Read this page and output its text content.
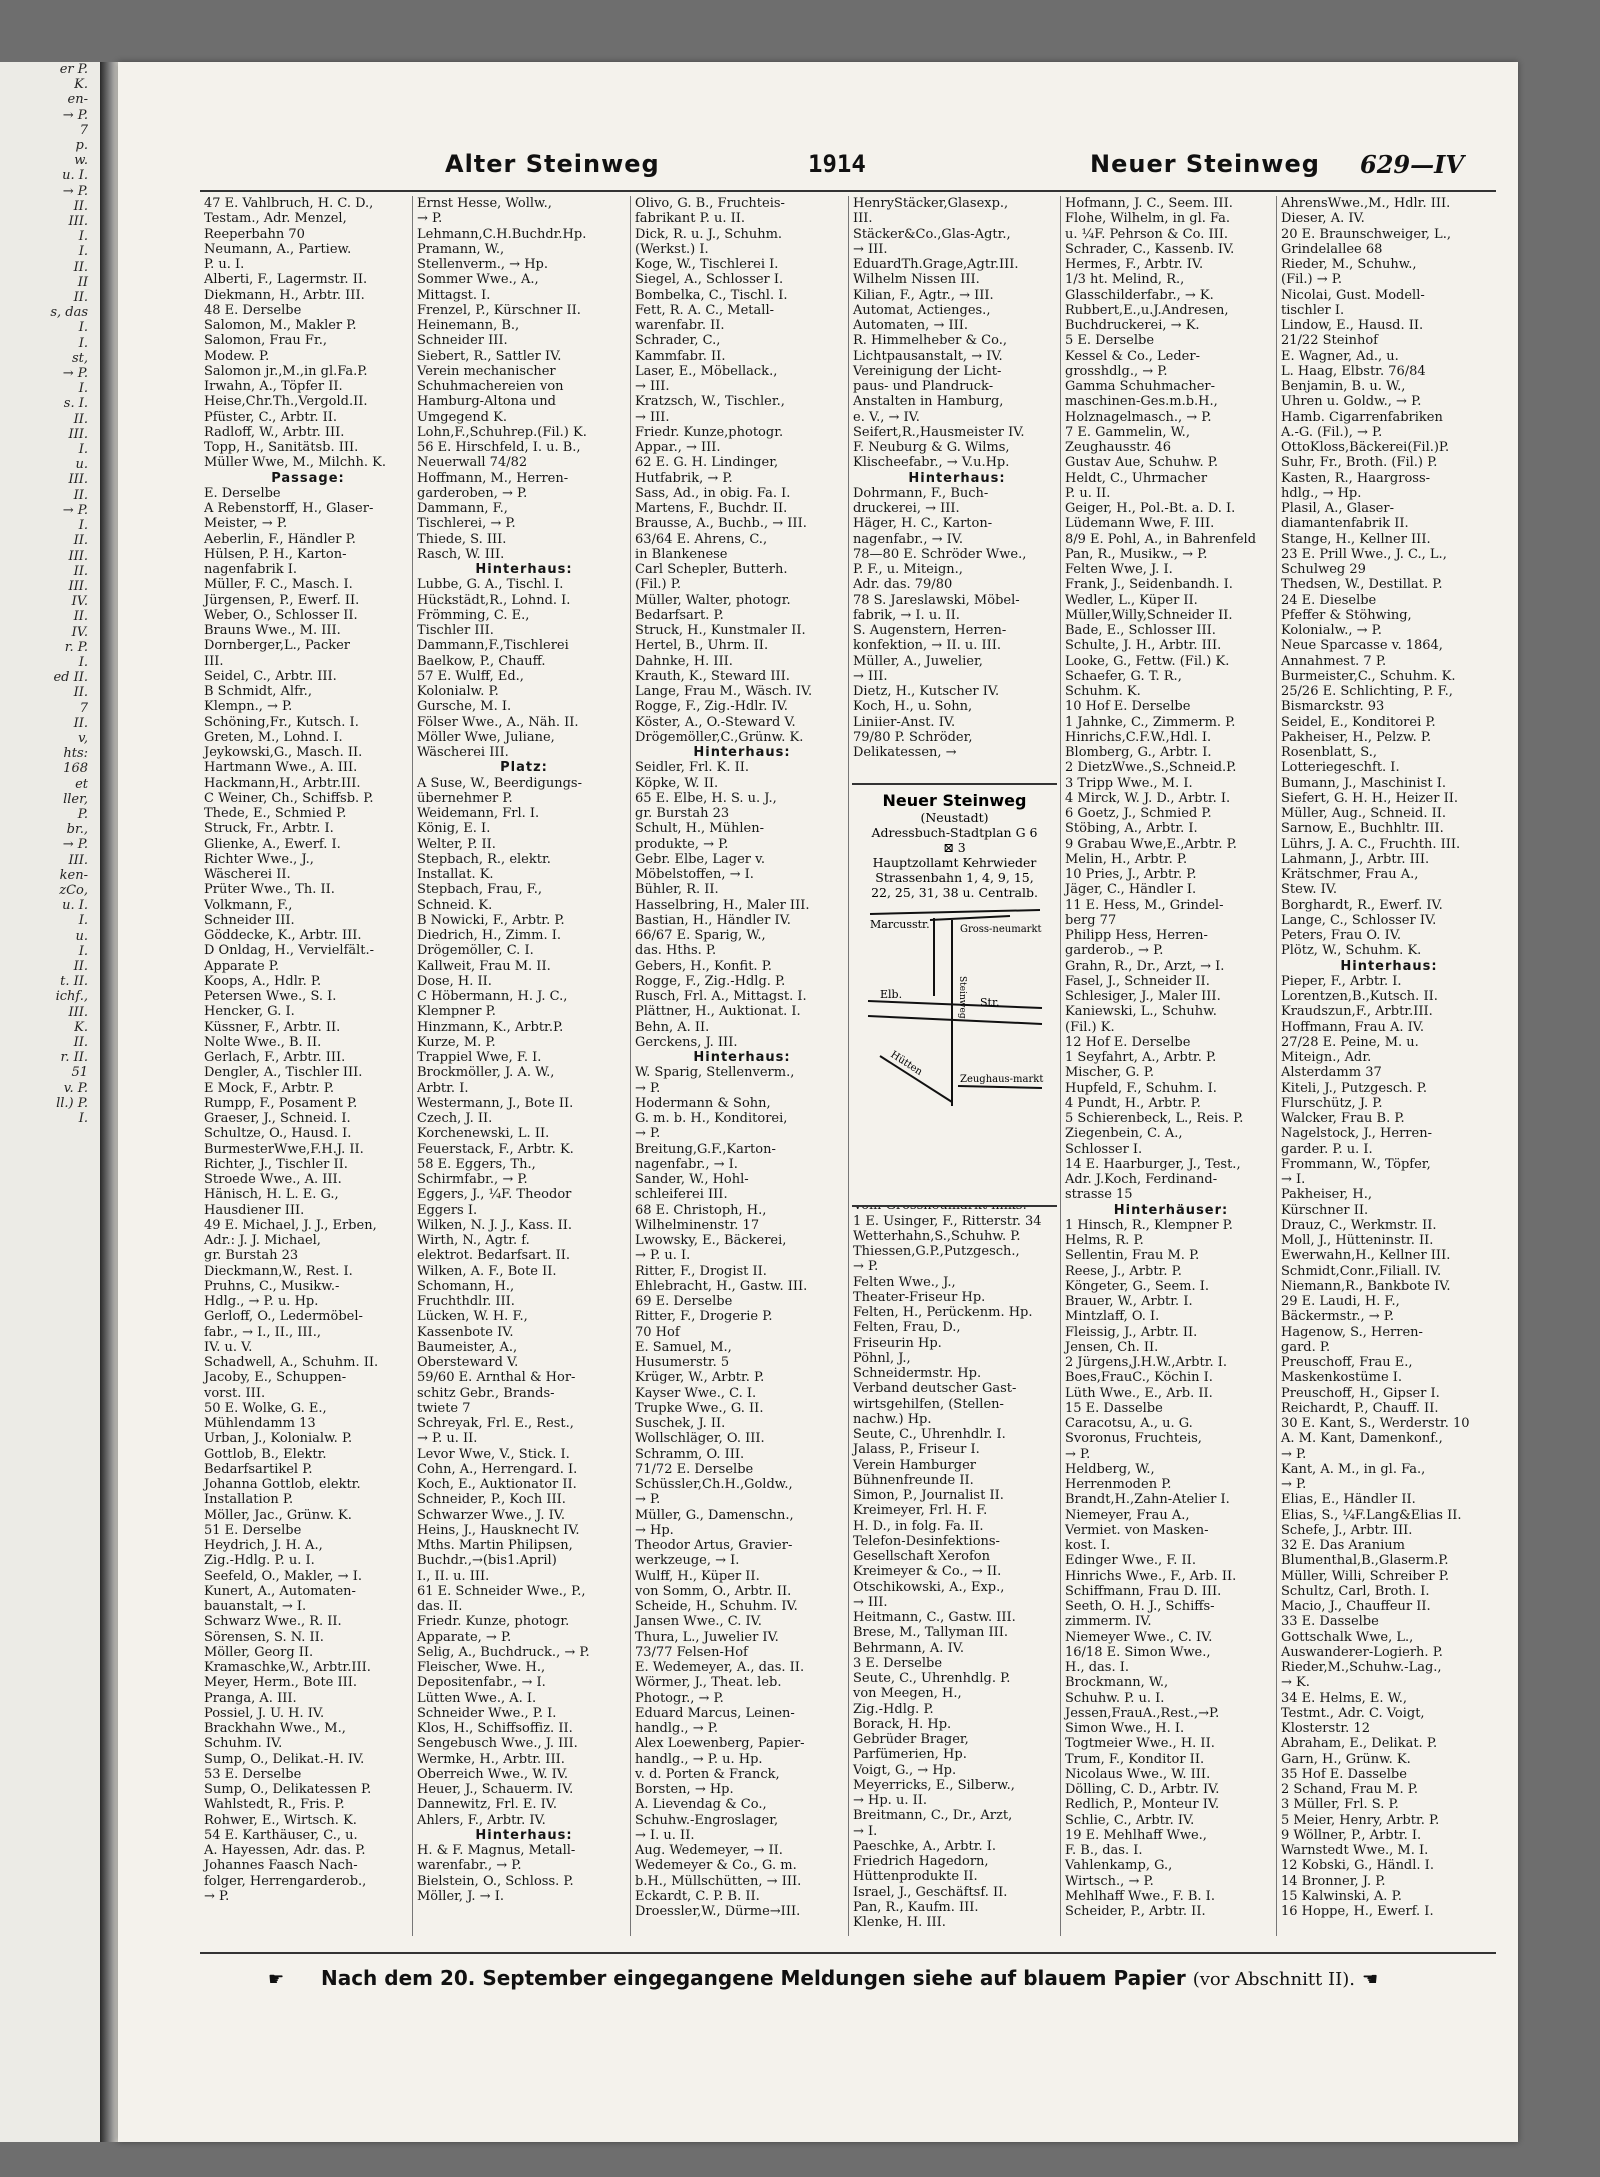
er P.
K.
en-
→ P.
7
p.
w.
u. I.
→ P.
II.
III.
I.
I.
II.
II
II.
s, das
I.
I.
st,
→ P.
I.
s. I.
II.
III.
I.
u.
III.
II.
→ P.
I.
II.
III.
II.
III.
IV.
II.
IV.
r. P.
I.
ed II.
II.
7
II.
v,
hts:
168
et
ller,
P.
br.,
→ P.
III.
ken-
zCo,
u. I.
I.
u.
I.
II.
t. II.
ichf.,
III.
K.
II.
r. II.
51
v. P.
ll.) P.
I.
Alter Steinweg	1914	Neuer Steinweg 629—IV
47 E. Vahlbruch, H. C. D.,
Testam., Adr. Menzel,
Reeperbahn 70
Neumann, A., Partiew.
P. u. I.
Alberti, F., Lagermstr. II.
Diekmann, H., Arbtr. III.
48 E. Derselbe
Salomon, M., Makler P.
Salomon, Frau Fr.,
Modew. P.
Salomon jr.,M.,in gl.Fa.P.
Irwahn, A., Töpfer II.
Heise,Chr.Th.,Vergold.II.
Pfüster, C., Arbtr. II.
Radloff, W., Arbtr. III.
Topp, H., Sanitätsb. III.
Müller Wwe, M., Milchh. K.
Passage:
E. Derselbe
A Rebenstorff, H., Glaser-
Meister, → P.
Aeberlin, F., Händler P.
Hülsen, P. H., Karton-
nagenfabrik I.
Müller, F. C., Masch. I.
Jürgensen, P., Ewerf. II.
Weber, O., Schlosser II.
Brauns Wwe., M. III.
Dornberger,L., Packer
III.
Seidel, C., Arbtr. III.
B Schmidt, Alfr.,
Klempn., → P.
Schöning,Fr., Kutsch. I.
Greten, M., Lohnd. I.
Jeykowski,G., Masch. II.
Hartmann Wwe., A. III.
Hackmann,H., Arbtr.III.
C Weiner, Ch., Schiffsb. P.
Thede, E., Schmied P.
Struck, Fr., Arbtr. I.
Glienke, A., Ewerf. I.
Richter Wwe., J.,
Wäscherei II.
Prüter Wwe., Th. II.
Volkmann, F.,
Schneider III.
Göddecke, K., Arbtr. III.
D Onldag, H., Vervielfält.-
Apparate P.
Koops, A., Hdlr. P.
Petersen Wwe., S. I.
Hencker, G. I.
Küssner, F., Arbtr. II.
Nolte Wwe., B. II.
Gerlach, F., Arbtr. III.
Dengler, A., Tischler III.
E Mock, F., Arbtr. P.
Rumpp, F., Posament P.
Graeser, J., Schneid. I.
Schultze, O., Hausd. I.
BurmesterWwe,F.H.J. II.
Richter, J., Tischler II.
Stroede Wwe., A. III.
Hänisch, H. L. E. G.,
Hausdiener III.
49 E. Michael, J. J., Erben,
Adr.: J. J. Michael,
gr. Burstah 23
Dieckmann,W., Rest. I.
Pruhns, C., Musikw.-
Hdlg., → P. u. Hp.
Gerloff, O., Ledermöbel-
fabr., → I., II., III.,
IV. u. V.
Schadwell, A., Schuhm. II.
Jacoby, E., Schuppen-
vorst. III.
50 E. Wolke, G. E.,
Mühlendamm 13
Urban, J., Kolonialw. P.
Gottlob, B., Elektr.
Bedarfsartikel P.
Johanna Gottlob, elektr.
Installation P.
Möller, Jac., Grünw. K.
51 E. Derselbe
Heydrich, J. H. A.,
Zig.-Hdlg. P. u. I.
Seefeld, O., Makler, → I.
Kunert, A., Automaten-
bauanstalt, → I.
Schwarz Wwe., R. II.
Sörensen, S. N. II.
Möller, Georg II.
Kramaschke,W., Arbtr.III.
Meyer, Herm., Bote III.
Pranga, A. III.
Possiel, J. U. H. IV.
Brackhahn Wwe., M.,
Schuhm. IV.
Sump, O., Delikat.-H. IV.
53 E. Derselbe
Sump, O., Delikatessen P.
Wahlstedt, R., Fris. P.
Rohwer, E., Wirtsch. K.
54 E. Karthäuser, C., u.
A. Hayessen, Adr. das. P.
Johannes Faasch Nach-
folger, Herrengarderob.,
→ P.
Ernst Hesse, Wollw.,
→ P.
Lehmann,C.H.Buchdr.Hp.
Pramann, W.,
Stellenverm., → Hp.
Sommer Wwe., A.,
Mittagst. I.
Frenzel, P., Kürschner II.
Heinemann, B.,
Schneider III.
Siebert, R., Sattler IV.
Verein mechanischer
Schuhmachereien von
Hamburg-Altona und
Umgegend K.
Lohn,F.,Schuhrep.(Fil.) K.
56 E. Hirschfeld, I. u. B.,
Neuerwall 74/82
Hoffmann, M., Herren-
garderoben, → P.
Dammann, F.,
Tischlerei, → P.
Thiede, S. III.
Rasch, W. III.
Hinterhaus:
Lubbe, G. A., Tischl. I.
Hückstädt,R., Lohnd. I.
Frömming, C. E.,
Tischler III.
Dammann,F.,Tischlerei
Baelkow, P., Chauff.
57 E. Wulff, Ed.,
Kolonialw. P.
Gursche, M. I.
Fölser Wwe., A., Näh. II.
Möller Wwe, Juliane,
Wäscherei III.
Platz:
A Suse, W., Beerdigungs-
übernehmer P.
Weidemann, Frl. I.
König, E. I.
Welter, P. II.
Stepbach, R., elektr.
Installat. K.
Stepbach, Frau, F.,
Schneid. K.
B Nowicki, F., Arbtr. P.
Diedrich, H., Zimm. I.
Drögemöller, C. I.
Kallweit, Frau M. II.
Dose, H. II.
C Höbermann, H. J. C.,
Klempner P.
Hinzmann, K., Arbtr.P.
Kurze, M. P.
Trappiel Wwe, F. I.
Brockmöller, J. A. W.,
Arbtr. I.
Westermann, J., Bote II.
Czech, J. II.
Korchenewski, L. II.
Feuerstack, F., Arbtr. K.
58 E. Eggers, Th.,
Schirmfabr., → P.
Eggers, J., ¼F. Theodor
Eggers I.
Wilken, N. J. J., Kass. II.
Wirth, N., Agtr. f.
elektrot. Bedarfsart. II.
Wilken, A. F., Bote II.
Schomann, H.,
Fruchthdlr. III.
Lücken, W. H. F.,
Kassenbote IV.
Baumeister, A.,
Obersteward V.
59/60 E. Arnthal & Hor-
schitz Gebr., Brands-
twiete 7
Schreyak, Frl. E., Rest.,
→ P. u. II.
Levor Wwe, V., Stick. I.
Cohn, A., Herrengard. I.
Koch, E., Auktionator II.
Schneider, P., Koch III.
Schwarzer Wwe., J. IV.
Heins, J., Hausknecht IV.
Mths. Martin Philipsen,
Buchdr.,→(bis1.April)
I., II. u. III.
61 E. Schneider Wwe., P.,
das. II.
Friedr. Kunze, photogr.
Apparate, → P.
Selig, A., Buchdruck., → P.
Fleischer, Wwe. H.,
Depositenfabr., → I.
Lütten Wwe., A. I.
Schneider Wwe., P. I.
Klos, H., Schiffsoffiz. II.
Sengebusch Wwe., J. III.
Wermke, H., Arbtr. III.
Oberreich Wwe., W. IV.
Heuer, J., Schauerm. IV.
Dannewitz, Frl. E. IV.
Ahlers, F., Arbtr. IV.
Hinterhaus:
H. & F. Magnus, Metall-
warenfabr., → P.
Bielstein, O., Schloss. P.
Möller, J. → I.
Olivo, G. B., Fruchteis-
fabrikant P. u. II.
Dick, R. u. J., Schuhm.
(Werkst.) I.
Koge, W., Tischlerei I.
Siegel, A., Schlosser I.
Bombelka, C., Tischl. I.
Fett, R. A. C., Metall-
warenfabr. II.
Schrader, C.,
Kammfabr. II.
Laser, E., Möbellack.,
→ III.
Kratzsch, W., Tischler.,
→ III.
Friedr. Kunze,photogr.
Appar., → III.
62 E. G. H. Lindinger,
Hutfabrik, → P.
Sass, Ad., in obig. Fa. I.
Martens, F., Buchdr. II.
Brausse, A., Buchb., → III.
63/64 E. Ahrens, C.,
in Blankenese
Carl Schepler, Butterh.
(Fil.) P.
Müller, Walter, photogr.
Bedarfsart. P.
Struck, H., Kunstmaler II.
Hertel, B., Uhrm. II.
Dahnke, H. III.
Krauth, K., Steward III.
Lange, Frau M., Wäsch. IV.
Rogge, F., Zig.-Hdlr. IV.
Köster, A., O.-Steward V.
Drögemöller,C.,Grünw. K.
Hinterhaus:
Seidler, Frl. K. II.
Köpke, W. II.
65 E. Elbe, H. S. u. J.,
gr. Burstah 23
Schult, H., Mühlen-
produkte, → P.
Gebr. Elbe, Lager v.
Möbelstoffen, → I.
Bühler, R. II.
Hasselbring, H., Maler III.
Bastian, H., Händler IV.
66/67 E. Sparig, W.,
das. Hths. P.
Gebers, H., Konfit. P.
Rogge, F., Zig.-Hdlg. P.
Rusch, Frl. A., Mittagst. I.
Plättner, H., Auktionat. I.
Behn, A. II.
Gerckens, J. III.
Hinterhaus:
W. Sparig, Stellenverm.,
→ P.
Hodermann & Sohn,
G. m. b. H., Konditorei,
→ P.
Breitung,G.F.,Karton-
nagenfabr., → I.
Sander, W., Hohl-
schleiferei III.
68 E. Christoph, H.,
Wilhelminenstr. 17
Lwowsky, E., Bäckerei,
→ P. u. I.
Ritter, F., Drogist II.
Ehlebracht, H., Gastw. III.
69 E. Derselbe
Ritter, F., Drogerie P.
70 Hof
E. Samuel, M.,
Husumerstr. 5
Krüger, W., Arbtr. P.
Kayser Wwe., C. I.
Trupke Wwe., G. II.
Suschek, J. II.
Wollschläger, O. III.
Schramm, O. III.
71/72 E. Derselbe
Schüssler,Ch.H.,Goldw.,
→ P.
Müller, G., Damenschn.,
→ Hp.
Theodor Artus, Gravier-
werkzeuge, → I.
Wulff, H., Küper II.
von Somm, O., Arbtr. II.
Scheide, H., Schuhm. IV.
Jansen Wwe., C. IV.
Thura, L., Juwelier IV.
73/77 Felsen-Hof
E. Wedemeyer, A., das. II.
Wörmer, J., Theat. leb.
Photogr., → P.
Eduard Marcus, Leinen-
handlg., → P.
Alex Loewenberg, Papier-
handlg., → P. u. Hp.
v. d. Porten & Franck,
Borsten, → Hp.
A. Lievendag & Co.,
Schuhw.-Engroslager,
→ I. u. II.
Aug. Wedemeyer, → II.
Wedemeyer & Co., G. m.
b.H., Müllschütten, → III.
Eckardt, C. P. B. II.
Droessler,W., Dürme→III.
HenryStäcker,Glasexp.,
III.
Stäcker&Co.,Glas-Agtr.,
→ III.
EduardTh.Grage,Agtr.III.
Wilhelm Nissen III.
Kilian, F., Agtr., → III.
Automat, Actienges.,
Automaten, → III.
R. Himmelheber & Co.,
Lichtpausanstalt, → IV.
Vereinigung der Licht-
paus- und Plandruck-
Anstalten in Hamburg,
e. V., → IV.
Seifert,R.,Hausmeister IV.
F. Neuburg & G. Wilms,
Klischeefabr., → V.u.Hp.
Hinterhaus:
Dohrmann, F., Buch-
druckerei, → III.
Häger, H. C., Karton-
nagenfabr., → IV.
78—80 E. Schröder Wwe.,
P. F., u. Miteign.,
Adr. das. 79/80
78 S. Jareslawski, Möbel-
fabrik, → I. u. II.
S. Augenstern, Herren-
konfektion, → II. u. III.
Müller, A., Juwelier,
→ III.
Dietz, H., Kutscher IV.
Koch, H., u. Sohn,
Liniier-Anst. IV.
79/80 P. Schröder,
Delikatessen, →
1 E. Usinger, F., Ritterstr. 34
Wetterhahn,S.,Schuhw. P.
Thiessen,G.P.,Putzgesch.,
→ P.
Felten Wwe., J.,
Theater-Friseur Hp.
Felten, H., Perückenm. Hp.
Felten, Frau, D.,
Friseurin Hp.
Pöhnl, J.,
Schneidermstr. Hp.
Verband deutscher Gast-
wirtsgehilfen, (Stellen-
nachw.) Hp.
Seute, C., Uhrenhdlr. I.
Jalass, P., Friseur I.
Verein Hamburger
Bühnenfreunde II.
Simon, P., Journalist II.
Kreimeyer, Frl. H. F.
H. D., in folg. Fa. II.
Telefon-Desinfektions-
Gesellschaft Xerofon
Kreimeyer & Co., → II.
Otschikowski, A., Exp.,
→ III.
Heitmann, C., Gastw. III.
Brese, M., Tallyman III.
Behrmann, A. IV.
3 E. Derselbe
Seute, C., Uhrenhdlg. P.
von Meegen, H.,
Zig.-Hdlg. P.
Borack, H. Hp.
Gebrüder Brager,
Parfümerien, Hp.
Voigt, G., → Hp.
Meyerricks, E., Silberw.,
→ Hp. u. II.
Breitmann, C., Dr., Arzt,
→ I.
Paeschke, A., Arbtr. I.
Friedrich Hagedorn,
Hüttenprodukte II.
Israel, J., Geschäftsf. II.
Pan, R., Kaufm. III.
Klenke, H. III.
Hofmann, J. C., Seem. III.
Flohe, Wilhelm, in gl. Fa.
u. ¼F. Pehrson & Co. III.
Schrader, C., Kassenb. IV.
Hermes, F., Arbtr. IV.
1/3 ht. Melind, R.,
Glasschilderfabr., → K.
Rubbert,E.,u.J.Andresen,
Buchdruckerei, → K.
5 E. Derselbe
Kessel & Co., Leder-
grosshdlg., → P.
Gamma Schuhmacher-
maschinen-Ges.m.b.H.,
Holznagelmasch., → P.
7 E. Gammelin, W.,
Zeughausstr. 46
Gustav Aue, Schuhw. P.
Heldt, C., Uhrmacher
P. u. II.
Geiger, H., Pol.-Bt. a. D. I.
Lüdemann Wwe, F. III.
8/9 E. Pohl, A., in Bahrenfeld
Pan, R., Musikw., → P.
Felten Wwe, J. I.
Frank, J., Seidenbandh. I.
Wedler, L., Küper II.
Müller,Willy,Schneider II.
Bade, E., Schlosser III.
Schulte, J. H., Arbtr. III.
Looke, G., Fettw. (Fil.) K.
Schaefer, G. T. R.,
Schuhm. K.
10 Hof E. Derselbe
1 Jahnke, C., Zimmerm. P.
Hinrichs,C.F.W.,Hdl. I.
Blomberg, G., Arbtr. I.
2 DietzWwe.,S.,Schneid.P.
3 Tripp Wwe., M. I.
4 Mirck, W. J. D., Arbtr. I.
6 Goetz, J., Schmied P.
Stöbing, A., Arbtr. I.
9 Grabau Wwe,E.,Arbtr. P.
Melin, H., Arbtr. P.
10 Pries, J., Arbtr. P.
Jäger, C., Händler I.
11 E. Hess, M., Grindel-
berg 77
Philipp Hess, Herren-
garderob., → P.
Grahn, R., Dr., Arzt, → I.
Fasel, J., Schneider II.
Schlesiger, J., Maler III.
Kaniewski, L., Schuhw.
(Fil.) K.
12 Hof E. Derselbe
1 Seyfahrt, A., Arbtr. P.
Mischer, G. P.
Hupfeld, F., Schuhm. I.
4 Pundt, H., Arbtr. P.
5 Schierenbeck, L., Reis. P.
Ziegenbein, C. A.,
Schlosser I.
14 E. Haarburger, J., Test.,
Adr. J.Koch, Ferdinand-
strasse 15
Hinterhäuser:
1 Hinsch, R., Klempner P.
Helms, R. P.
Sellentin, Frau M. P.
Reese, J., Arbtr. P.
Köngeter, G., Seem. I.
Brauer, W., Arbtr. I.
Mintzlaff, O. I.
Fleissig, J., Arbtr. II.
Jensen, Ch. II.
2 Jürgens,J.H.W.,Arbtr. I.
Boes,FrauC., Köchin I.
Lüth Wwe., E., Arb. II.
15 E. Dasselbe
Caracotsu, A., u. G.
Svoronus, Fruchteis,
→ P.
Heldberg, W.,
Herrenmoden P.
Brandt,H.,Zahn-Atelier I.
Niemeyer, Frau A.,
Vermiet. von Masken-
kost. I.
Edinger Wwe., F. II.
Hinrichs Wwe., F., Arb. II.
Schiffmann, Frau D. III.
Seeth, O. H. J., Schiffs-
zimmerm. IV.
Niemeyer Wwe., C. IV.
16/18 E. Simon Wwe.,
H., das. I.
Brockmann, W.,
Schuhw. P. u. I.
Jessen,FrauA.,Rest.,→P.
Simon Wwe., H. I.
Togtmeier Wwe., H. II.
Trum, F., Konditor II.
Nicolaus Wwe., W. III.
Dölling, C. D., Arbtr. IV.
Redlich, P., Monteur IV.
Schlie, C., Arbtr. IV.
19 E. Mehlhaff Wwe.,
F. B., das. I.
Vahlenkamp, G.,
Wirtsch., → P.
Mehlhaff Wwe., F. B. I.
Scheider, P., Arbtr. II.
AhrensWwe.,M., Hdlr. III.
Dieser, A. IV.
20 E. Braunschweiger, L.,
Grindelallee 68
Rieder, M., Schuhw.,
(Fil.) → P.
Nicolai, Gust. Modell-
tischler I.
Lindow, E., Hausd. II.
21/22 Steinhof
E. Wagner, Ad., u.
L. Haag, Elbstr. 76/84
Benjamin, B. u. W.,
Uhren u. Goldw., → P.
Hamb. Cigarrenfabriken
A.-G. (Fil.), → P.
OttoKloss,Bäckerei(Fil.)P.
Suhr, Fr., Broth. (Fil.) P.
Kasten, R., Haargross-
hdlg., → Hp.
Plasil, A., Glaser-
diamantenfabrik II.
Stange, H., Kellner III.
23 E. Prill Wwe., J. C., L.,
Schulweg 29
Thedsen, W., Destillat. P.
24 E. Dieselbe
Pfeffer & Stöhwing,
Kolonialw., → P.
Neue Sparcasse v. 1864,
Annahmest. 7 P.
Burmeister,C., Schuhm. K.
25/26 E. Schlichting, P. F.,
Bismarckstr. 93
Seidel, E., Konditorei P.
Pakheiser, H., Pelzw. P.
Rosenblatt, S.,
Lotteriegeschft. I.
Bumann, J., Maschinist I.
Siefert, G. H. H., Heizer II.
Müller, Aug., Schneid. II.
Sarnow, E., Buchhltr. III.
Lührs, J. A. C., Fruchth. III.
Lahmann, J., Arbtr. III.
Krätschmer, Frau A.,
Stew. IV.
Borghardt, R., Ewerf. IV.
Lange, C., Schlosser IV.
Peters, Frau O. IV.
Plötz, W., Schuhm. K.
Hinterhaus:
Pieper, F., Arbtr. I.
Lorentzen,B.,Kutsch. II.
Kraudszun,F., Arbtr.III.
Hoffmann, Frau A. IV.
27/28 E. Peine, M. u.
Miteign., Adr.
Alsterdamm 37
Kiteli, J., Putzgesch. P.
Flurschütz, J. P.
Walcker, Frau B. P.
Nagelstock, J., Herren-
garder. P. u. I.
Frommann, W., Töpfer,
→ I.
Pakheiser, H.,
Kürschner II.
Drauz, C., Werkmstr. II.
Moll, J., Hütteninstr. II.
Ewerwahn,H., Kellner III.
Schmidt,Conr.,Filiall. IV.
Niemann,R., Bankbote IV.
29 E. Laudi, H. F.,
Bäckermstr., → P.
Hagenow, S., Herren-
gard. P.
Preuschoff, Frau E.,
Maskenkostüme I.
Preuschoff, H., Gipser I.
Reichardt, P., Chauff. II.
30 E. Kant, S., Werderstr. 10
A. M. Kant, Damenkonf.,
→ P.
Kant, A. M., in gl. Fa.,
→ P.
Elias, E., Händler II.
Elias, S., ¼F.Lang&Elias II.
Schefe, J., Arbtr. III.
32 E. Das Aranium
Blumenthal,B.,Glaserm.P.
Müller, Willi, Schreiber P.
Schultz, Carl, Broth. I.
Macio, J., Chauffeur II.
33 E. Dasselbe
Gottschalk Wwe, L.,
Auswanderer-Logierh. P.
Rieder,M.,Schuhw.-Lag.,
→ K.
34 E. Helms, E. W.,
Testmt., Adr. C. Voigt,
Klosterstr. 12
Abraham, E., Delikat. P.
Garn, H., Grünw. K.
35 Hof E. Dasselbe
2 Schand, Frau M. P.
3 Müller, Frl. S. P.
5 Meier, Henry, Arbtr. P.
9 Wöllner, P., Arbtr. I.
Warnstedt Wwe., M. I.
12 Kobski, G., Händl. I.
14 Bronner, J. P.
15 Kalwinski, A. P.
16 Hoppe, H., Ewerf. I.
Neuer Steinweg
(Neustadt)
Adressbuch-Stadtplan G 6
⊠ 3
Hauptzollamt Kehrwieder
Strassenbahn 1, 4, 9, 15,
22, 25, 31, 38 u. Centralb.
Marcusstr.	Gross-neumarkt
Elb.
Str.
Steinweg
Hütten
Zeughaus-markt
☛ Nach dem 20. September eingegangene Meldungen siehe auf blauem Papier (vor Abschnitt II). ☚
